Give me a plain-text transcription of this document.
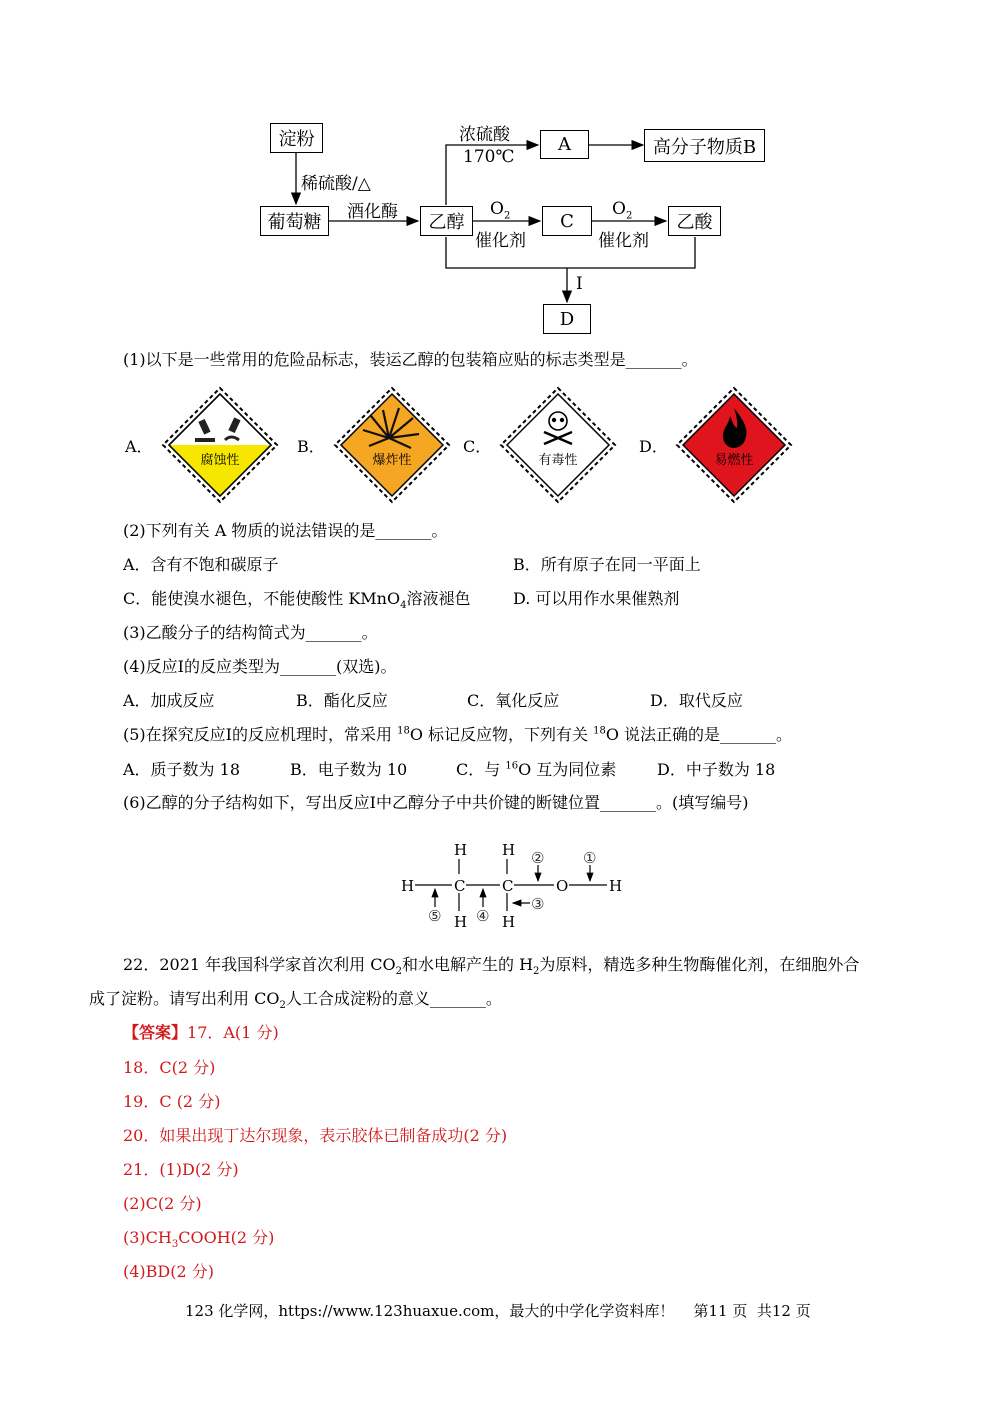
淀粉
葡萄糖	乙醇
A	高分子物质B
C	乙酸
D
浓硫酸
170℃
稀硫酸/△
酒化酶	$O_2$
催化剂
$O_2$
催化剂
I
(1)以下是一些常用的危险品标志，装运乙醇的包装箱应贴的标志类型是_______。
A．
腐蚀性
B．
爆炸性
C．
有毒性
D．
易燃性
(2)下列有关 A 物质的说法错误的是_______。
A．含有不饱和碳原子	B．所有原子在同一平面上
C．能使溴水褪色，不能使酸性 KMnO$_4$溶液褪色	D. 可以用作水果催熟剂
(3)乙酸分子的结构简式为_______。
(4)反应Ⅰ的反应类型为_______(双选)。
A．加成反应	B．酯化反应	C．氧化反应	D．取代反应
(5)在探究反应Ⅰ的反应机理时，常采用 $^{18}$O 标记反应物，下列有关 $^{18}$O 说法正确的是_______。
A．质子数为 18	B．电子数为 10	C．与 $^{16}$O 互为同位素	D．中子数为 18
(6)乙醇的分子结构如下，写出反应Ⅰ中乙醇分子中共价键的断键位置_______。(填写编号)
H	C C	O	H
H H
H H
⑤ ④
②	①
③
22．2021 年我国科学家首次利用 $CO_2$和水电解产生的 $H_2$为原料，精选多种生物酶催化剂，在细胞外合
成了淀粉。请写出利用 $CO_2$人工合成淀粉的意义_______。
【答案】17．A(1 分)
18．C(2 分)
19．C (2 分)
20．如果出现丁达尔现象，表示胶体已制备成功(2 分)
21．(1)D(2 分)
(2)C(2 分)
$(3)CH_3COOH(2$ 分)
(4)BD(2 分)
123 化学网，https://www.123huaxue.com，最大的中学化学资料库！    第11 页  共12 页
